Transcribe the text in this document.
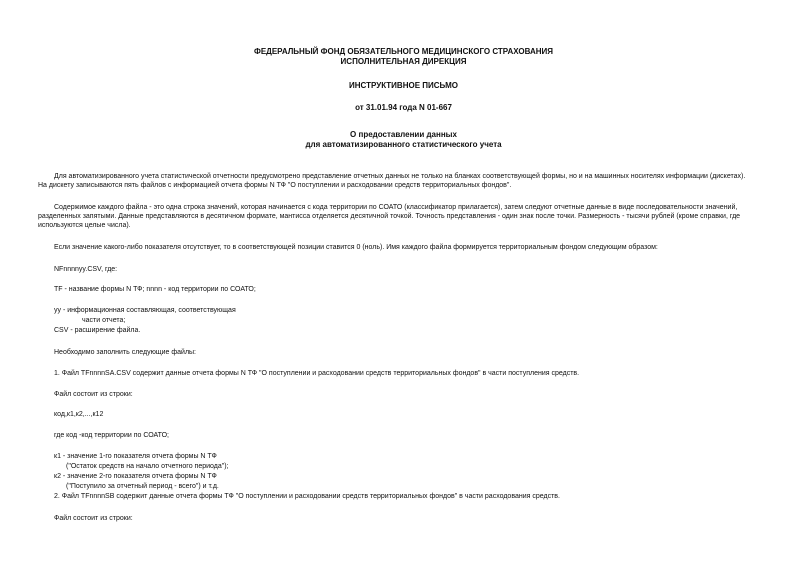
ФЕДЕРАЛЬНЫЙ ФОНД ОБЯЗАТЕЛЬНОГО МЕДИЦИНСКОГО СТРАХОВАНИЯ
ИСПОЛНИТЕЛЬНАЯ ДИРЕКЦИЯ
ИНСТРУКТИВНОЕ ПИСЬМО
от 31.01.94 года N 01-667
О предоставлении данных
для автоматизированного статистического учета
Для автоматизированного учета статистической отчетности предусмотрено представление отчетных данных не только на бланках соответствующей формы, но и на машинных носителях информации (дискетах).
На дискету записываются пять файлов с информацией отчета формы N ТФ "О поступлении и расходовании средств территориальных фондов".
Содержимое каждого файла - это одна строка значений, которая начинается с кода территории по СОАТО (классификатор прилагается), затем следуют отчетные данные в виде последовательности значений,
разделенных запятыми. Данные представляются в десятичном формате, мантисса отделяется десятичной точкой. Точность представления - один знак после точки. Размерность - тысячи рублей (кроме справки, где
используются целые числа).
Если значение какого-либо показателя отсутствует, то в соответствующей позиции ставится 0 (ноль). Имя каждого файла формируется территориальным фондом следующим образом:
NFnnnnyy.CSV, где:
TF - название формы N ТФ; nnnn - код территории по СОАТО;
yy - информационная составляющая, соответствующая
части отчета;
CSV - расширение файла.
Необходимо заполнить следующие файлы:
1. Файл TFnnnnSA.CSV содержит данные отчета формы N ТФ "О поступлении и расходовании средств территориальных фондов" в части поступления средств.
Файл состоит из строки:
код,к1,к2,...,к12
где код -код территории по СОАТО;
к1 - значение 1-го показателя отчета формы N ТФ
("Остаток средств на начало отчетного периода");
к2 - значение 2-го показателя отчета формы N ТФ
("Поступило за отчетный период - всего") и т.д.
2. Файл TFnnnnSB содержит данные отчета формы ТФ "О поступлении и расходовании средств территориальных фондов" в части расходования средств.
Файл состоит из строки:
